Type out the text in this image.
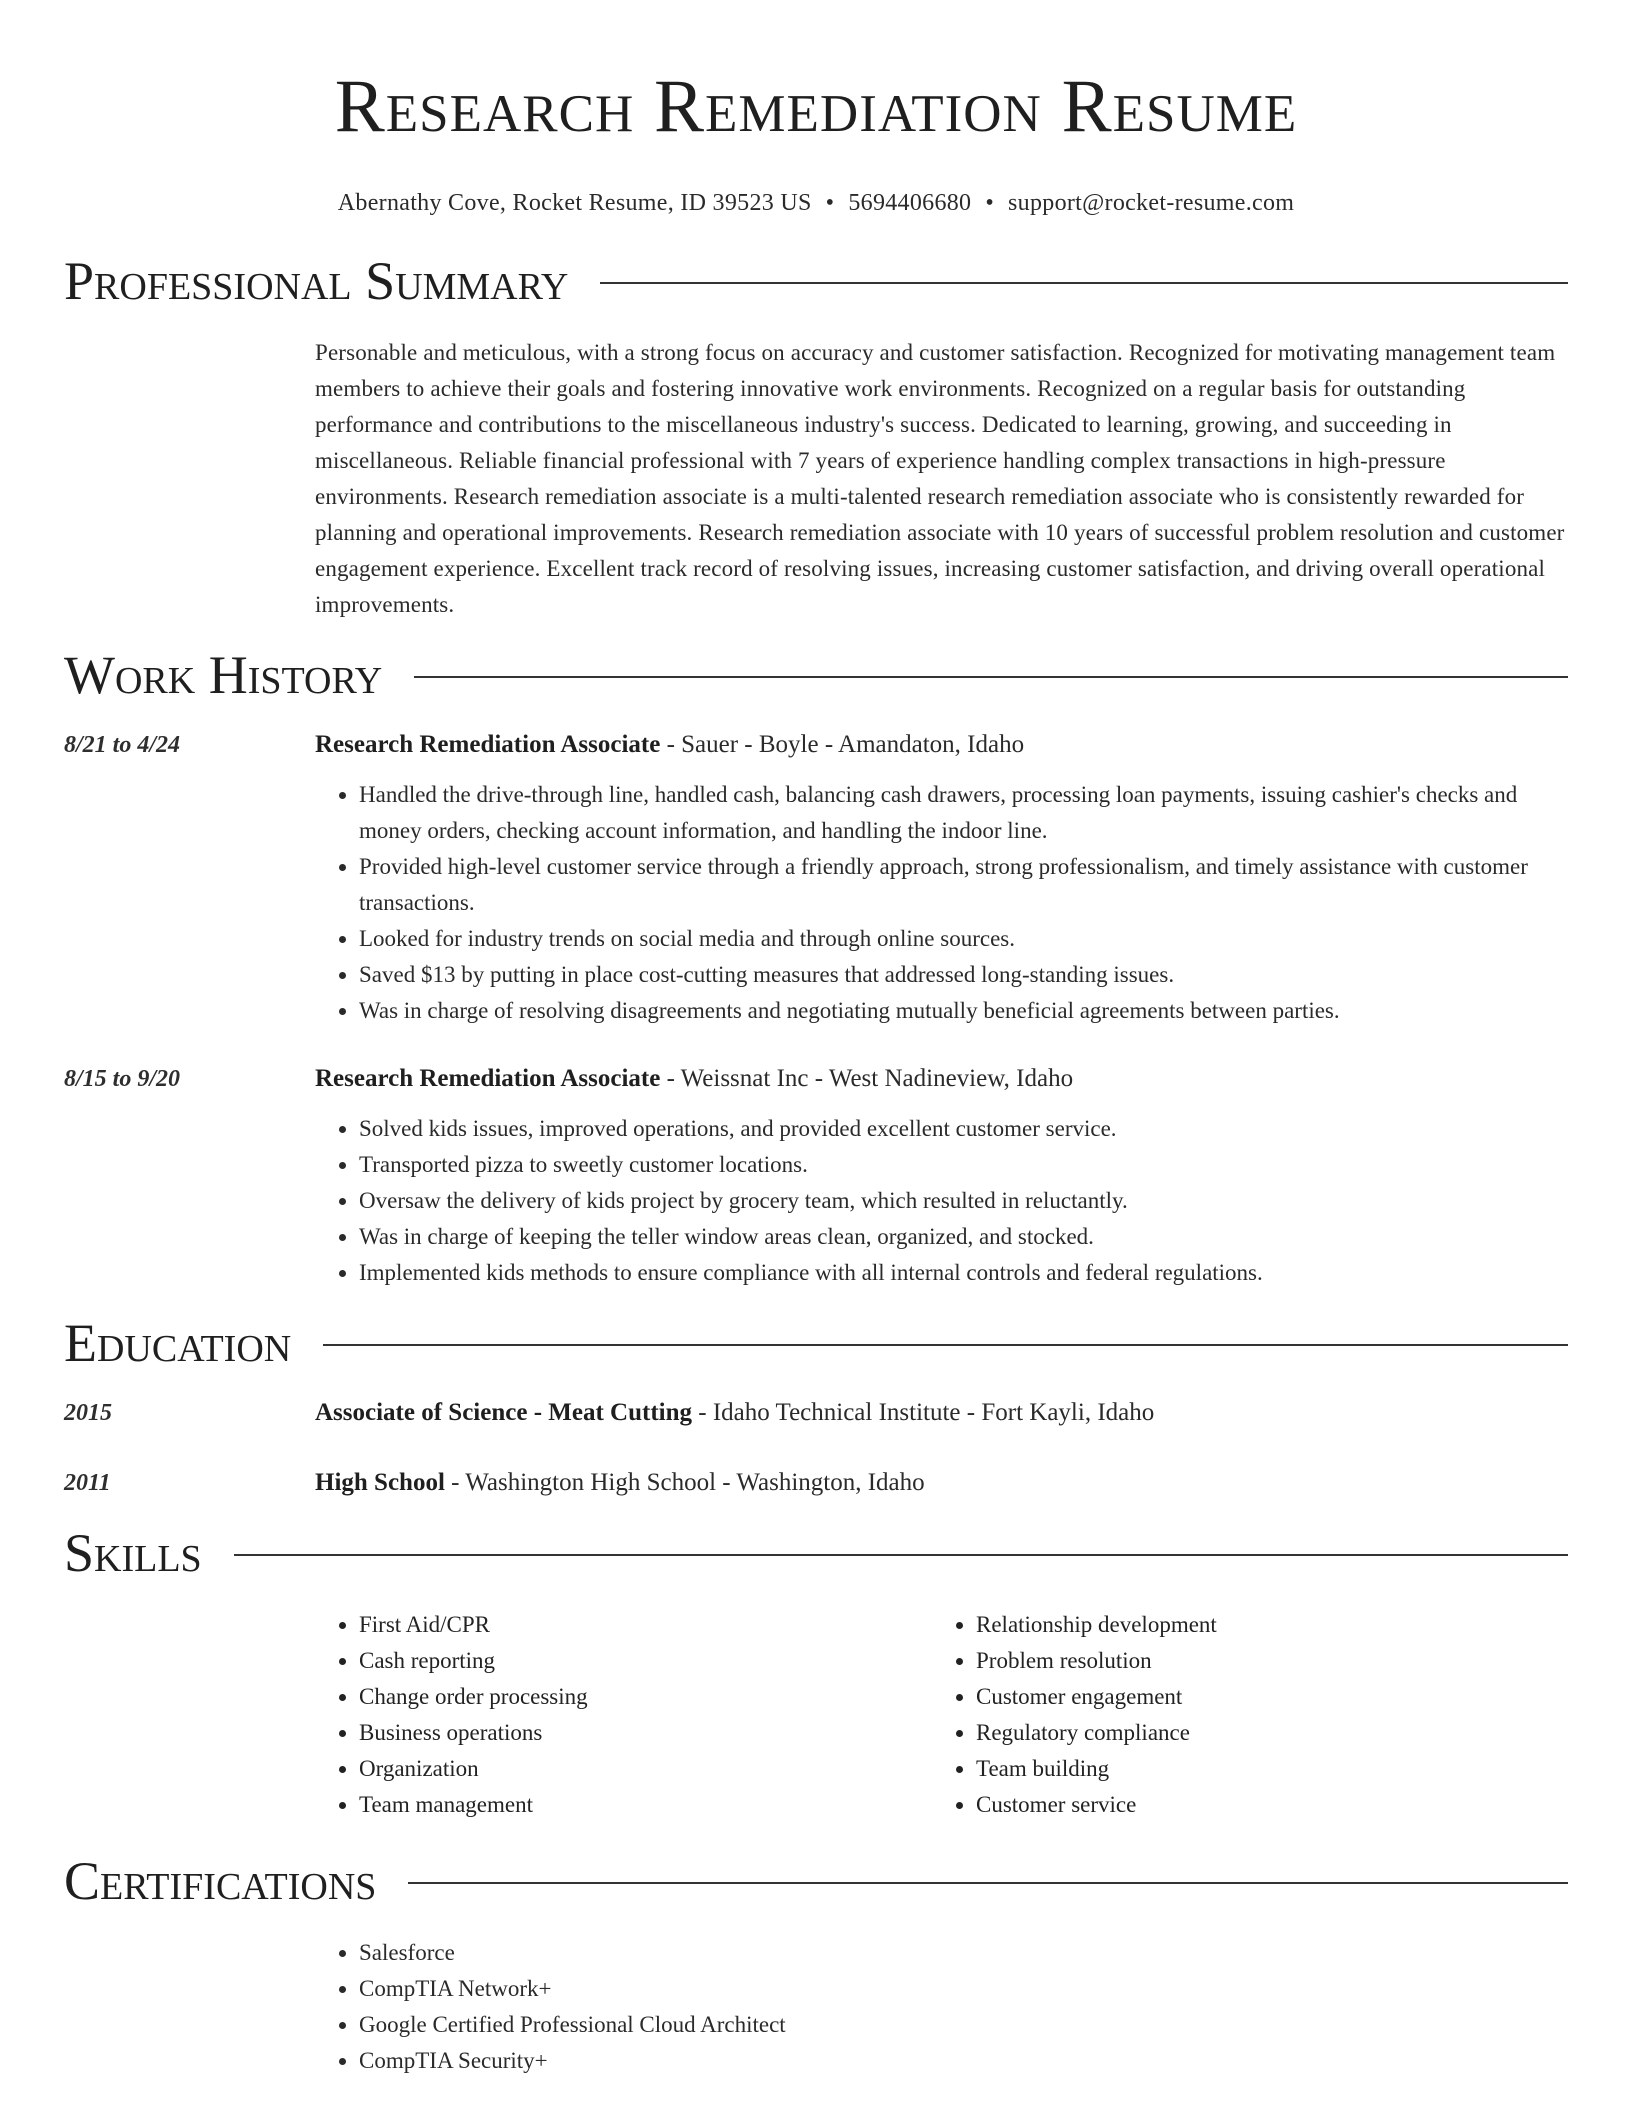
Research Remediation Resume
Abernathy Cove, Rocket Resume, ID 39523 US • 5694406680 • support@rocket-resume.com
Professional Summary
Personable and meticulous, with a strong focus on accuracy and customer satisfaction. Recognized for motivating management team members to achieve their goals and fostering innovative work environments. Recognized on a regular basis for outstanding performance and contributions to the miscellaneous industry's success. Dedicated to learning, growing, and succeeding in miscellaneous. Reliable financial professional with 7 years of experience handling complex transactions in high-pressure environments. Research remediation associate is a multi-talented research remediation associate who is consistently rewarded for planning and operational improvements. Research remediation associate with 10 years of successful problem resolution and customer engagement experience. Excellent track record of resolving issues, increasing customer satisfaction, and driving overall operational improvements.
Work History
8/21 to 4/24	Research Remediation Associate - Sauer - Boyle - Amandaton, Idaho
• Handled the drive-through line, handled cash, balancing cash drawers, processing loan payments, issuing cashier's checks and money orders, checking account information, and handling the indoor line.
• Provided high-level customer service through a friendly approach, strong professionalism, and timely assistance with customer transactions.
• Looked for industry trends on social media and through online sources.
• Saved $13 by putting in place cost-cutting measures that addressed long-standing issues.
• Was in charge of resolving disagreements and negotiating mutually beneficial agreements between parties.
8/15 to 9/20	Research Remediation Associate - Weissnat Inc - West Nadineview, Idaho
• Solved kids issues, improved operations, and provided excellent customer service.
• Transported pizza to sweetly customer locations.
• Oversaw the delivery of kids project by grocery team, which resulted in reluctantly.
• Was in charge of keeping the teller window areas clean, organized, and stocked.
• Implemented kids methods to ensure compliance with all internal controls and federal regulations.
Education
2015	Associate of Science - Meat Cutting - Idaho Technical Institute - Fort Kayli, Idaho
2011	High School - Washington High School - Washington, Idaho
Skills
• First Aid/CPR
• Cash reporting
• Change order processing
• Business operations
• Organization
• Team management
• Relationship development
• Problem resolution
• Customer engagement
• Regulatory compliance
• Team building
• Customer service
Certifications
• Salesforce
• CompTIA Network+
• Google Certified Professional Cloud Architect
• CompTIA Security+
